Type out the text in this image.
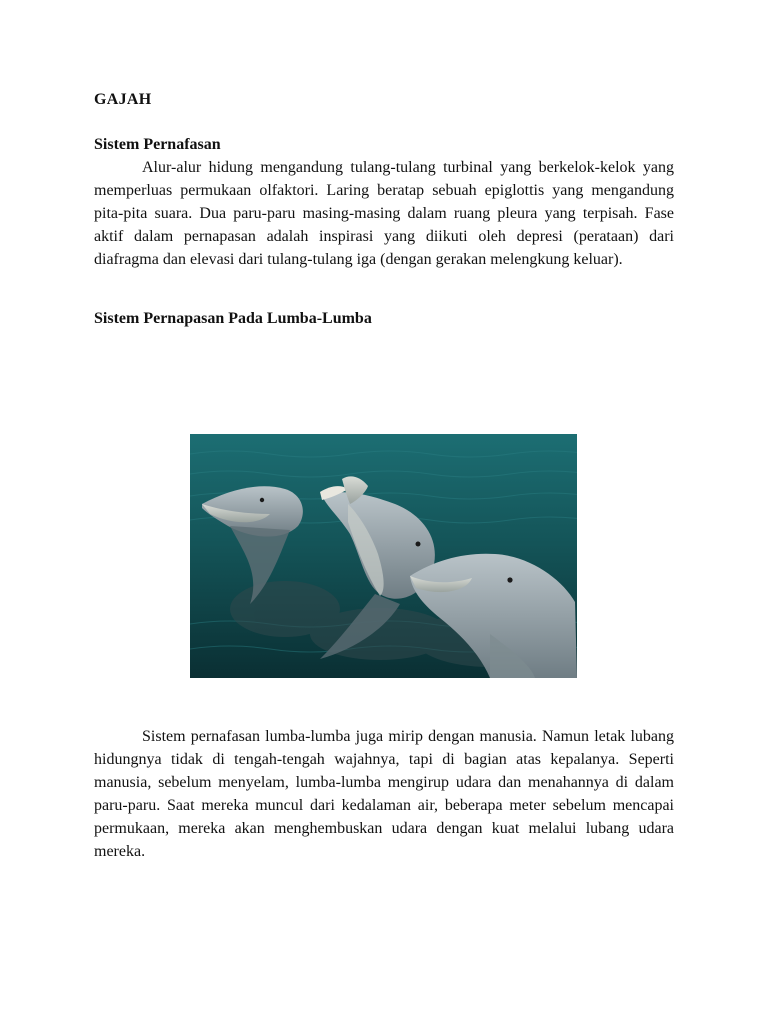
GAJAH
Sistem Pernafasan

Alur-alur hidung mengandung tulang-tulang turbinal yang berkelok-kelok yang memperluas permukaan olfaktori. Laring beratap sebuah epiglottis yang mengandung pita-pita suara. Dua paru-paru masing-masing dalam ruang pleura yang terpisah. Fase aktif dalam pernapasan adalah inspirasi yang diikuti oleh depresi (perataan) dari diafragma dan elevasi dari tulang-tulang iga (dengan gerakan melengkung keluar).

Sistem Pernapasan Pada Lumba-Lumba

Sistem pernafasan lumba-lumba juga mirip dengan manusia. Namun letak lubang hidungnya tidak di tengah-tengah wajahnya, tapi di bagian atas kepalanya. Seperti manusia, sebelum menyelam, lumba-lumba mengirup udara dan menahannya di dalam paru-paru. Saat mereka muncul dari kedalaman air, beberapa meter sebelum mencapai permukaan, mereka akan menghembuskan udara dengan kuat melalui lubang udara mereka.
